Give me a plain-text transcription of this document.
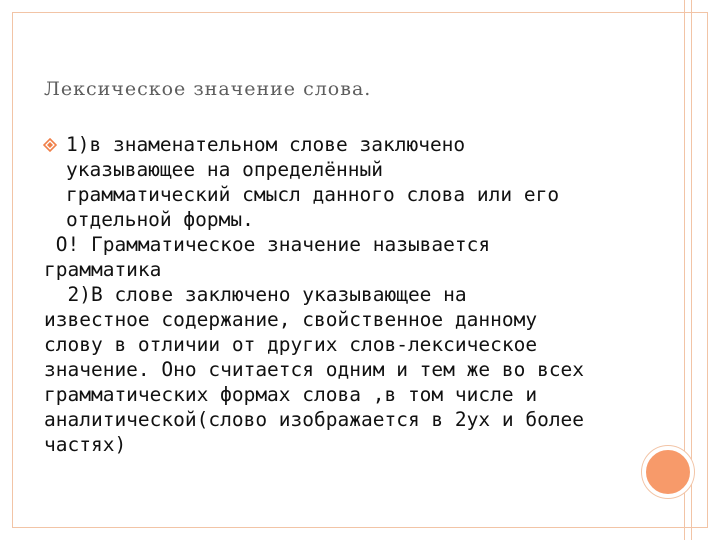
Лексическое значение слова.

1)в знаменательном слове заключено

указывающее на определённый

грамматический смысл данного слова или его

отдельной формы.

О! Грамматическое значение называется

грамматика

2)В слове заключено указывающее на

известное содержание, свойственное данному

слову в отличии от других слов-лексическое

значение. Оно считается одним и тем же во всех

грамматических формах слова ,в том числе и

аналитической(слово изображается в 2ух и более

частях)
